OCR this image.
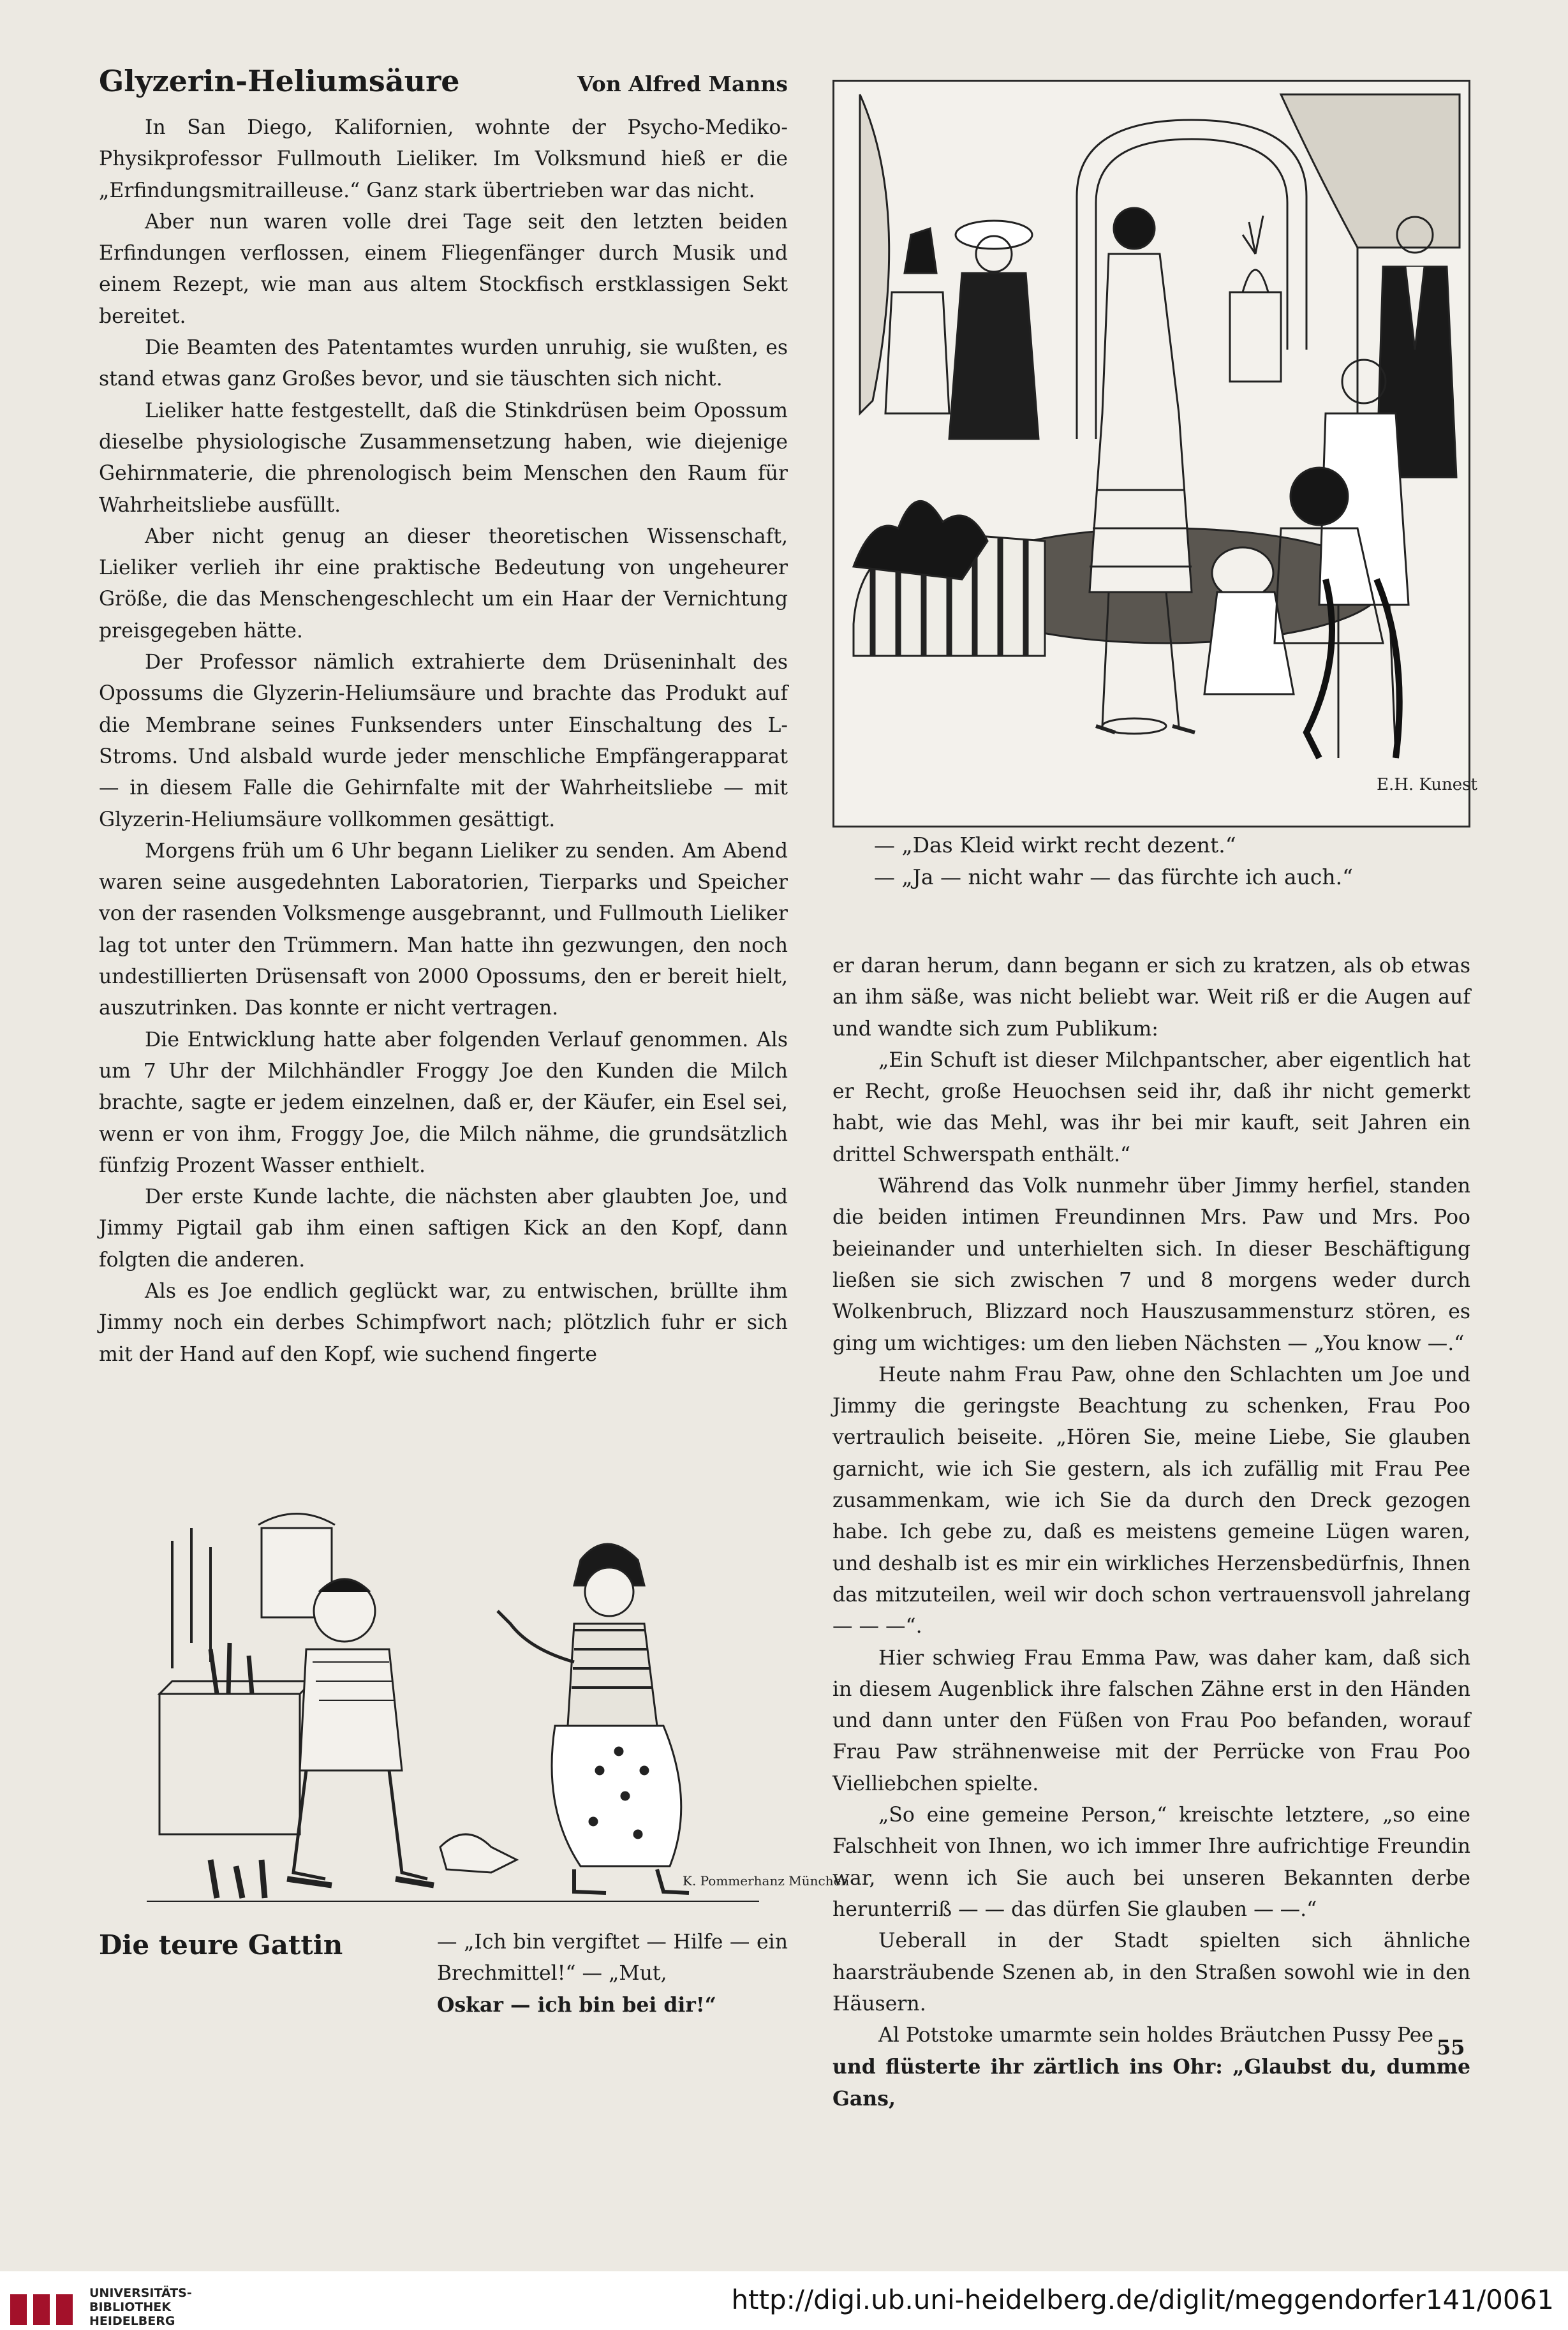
Glyzerin-Heliumsäure	Von Alfred Manns

In San Diego, Kalifornien, wohnte der Psycho-Mediko-Physikprofessor Fullmouth Lieliker. Im Volksmund hieß er die „Erfindungsmitrailleuse.“ Ganz stark übertrieben war das nicht.

Aber nun waren volle drei Tage seit den letzten beiden Erfindungen verflossen, einem Fliegenfänger durch Musik und einem Rezept, wie man aus altem Stockfisch erstklassigen Sekt bereitet.

Die Beamten des Patentamtes wurden unruhig, sie wußten, es stand etwas ganz Großes bevor, und sie täuschten sich nicht.

Lieliker hatte festgestellt, daß die Stinkdrüsen beim Opossum dieselbe physiologische Zusammensetzung haben, wie diejenige Gehirnmaterie, die phrenologisch beim Menschen den Raum für Wahrheitsliebe ausfüllt.

Aber nicht genug an dieser theoretischen Wissenschaft, Lieliker verlieh ihr eine praktische Bedeutung von ungeheurer Größe, die das Menschengeschlecht um ein Haar der Vernichtung preisgegeben hätte.

Der Professor nämlich extrahierte dem Drüseninhalt des Opossums die Glyzerin-Heliumsäure und brachte das Produkt auf die Membrane seines Funksenders unter Einschaltung des L-Stroms. Und alsbald wurde jeder menschliche Empfängerapparat — in diesem Falle die Gehirnfalte mit der Wahrheitsliebe — mit Glyzerin-Heliumsäure vollkommen gesättigt.

Morgens früh um 6 Uhr begann Lieliker zu senden. Am Abend waren seine ausgedehnten Laboratorien, Tierparks und Speicher von der rasenden Volksmenge ausgebrannt, und Fullmouth Lieliker lag tot unter den Trümmern. Man hatte ihn gezwungen, den noch undestillierten Drüsensaft von 2000 Opossums, den er bereit hielt, auszutrinken. Das konnte er nicht vertragen.

Die Entwicklung hatte aber folgenden Verlauf genommen. Als um 7 Uhr der Milchhändler Froggy Joe den Kunden die Milch brachte, sagte er jedem einzelnen, daß er, der Käufer, ein Esel sei, wenn er von ihm, Froggy Joe, die Milch nähme, die grundsätzlich fünfzig Prozent Wasser enthielt.

Der erste Kunde lachte, die nächsten aber glaubten Joe, und Jimmy Pigtail gab ihm einen saftigen Kick an den Kopf, dann folgten die anderen.

Als es Joe endlich geglückt war, zu entwischen, brüllte ihm Jimmy noch ein derbes Schimpfwort nach; plötzlich fuhr er sich mit der Hand auf den Kopf, wie suchend fingerte

E.H. Kunest
— „Das Kleid wirkt recht dezent.“
— „Ja — nicht wahr — das fürchte ich auch.“

er daran herum, dann begann er sich zu kratzen, als ob etwas an ihm säße, was nicht beliebt war. Weit riß er die Augen auf und wandte sich zum Publikum:

„Ein Schuft ist dieser Milchpantscher, aber eigentlich hat er Recht, große Heuochsen seid ihr, daß ihr nicht gemerkt habt, wie das Mehl, was ihr bei mir kauft, seit Jahren ein drittel Schwerspath enthält.“

Während das Volk nunmehr über Jimmy herfiel, standen die beiden intimen Freundinnen Mrs. Paw und Mrs. Poo beieinander und unterhielten sich. In dieser Beschäftigung ließen sie sich zwischen 7 und 8 morgens weder durch Wolkenbruch, Blizzard noch Hauszusammensturz stören, es ging um wichtiges: um den lieben Nächsten — „You know —.“

Heute nahm Frau Paw, ohne den Schlachten um Joe und Jimmy die geringste Beachtung zu schenken, Frau Poo vertraulich beiseite. „Hören Sie, meine Liebe, Sie glauben garnicht, wie ich Sie gestern, als ich zufällig mit Frau Pee zusammenkam, wie ich Sie da durch den Dreck gezogen habe. Ich gebe zu, daß es meistens gemeine Lügen waren, und deshalb ist es mir ein wirkliches Herzensbedürfnis, Ihnen das mitzuteilen, weil wir doch schon vertrauensvoll jahrelang — — —“.

Hier schwieg Frau Emma Paw, was daher kam, daß sich in diesem Augenblick ihre falschen Zähne erst in den Händen und dann unter den Füßen von Frau Poo befanden, worauf Frau Paw strähnenweise mit der Perrücke von Frau Poo Vielliebchen spielte.

„So eine gemeine Person,“ kreischte letztere, „so eine Falschheit von Ihnen, wo ich immer Ihre aufrichtige Freundin war, wenn ich Sie auch bei unseren Bekannten derbe herunterriß — — das dürfen Sie glauben — —.“

Ueberall in der Stadt spielten sich ähnliche haarsträubende Szenen ab, in den Straßen sowohl wie in den Häusern.

Al Potstoke umarmte sein holdes Bräutchen Pussy Pee

und flüsterte ihr zärtlich ins Ohr: „Glaubst du, dumme Gans,

K. Pommerhanz München
Die teure Gattin	— „Ich bin vergiftet — Hilfe — ein Brechmittel!“ — „Mut,
Oskar — ich bin bei dir!“
55
UNIVERSITÄTS-
BIBLIOTHEK
HEIDELBERG
http://digi.ub.uni-heidelberg.de/diglit/meggendorfer141/0061
